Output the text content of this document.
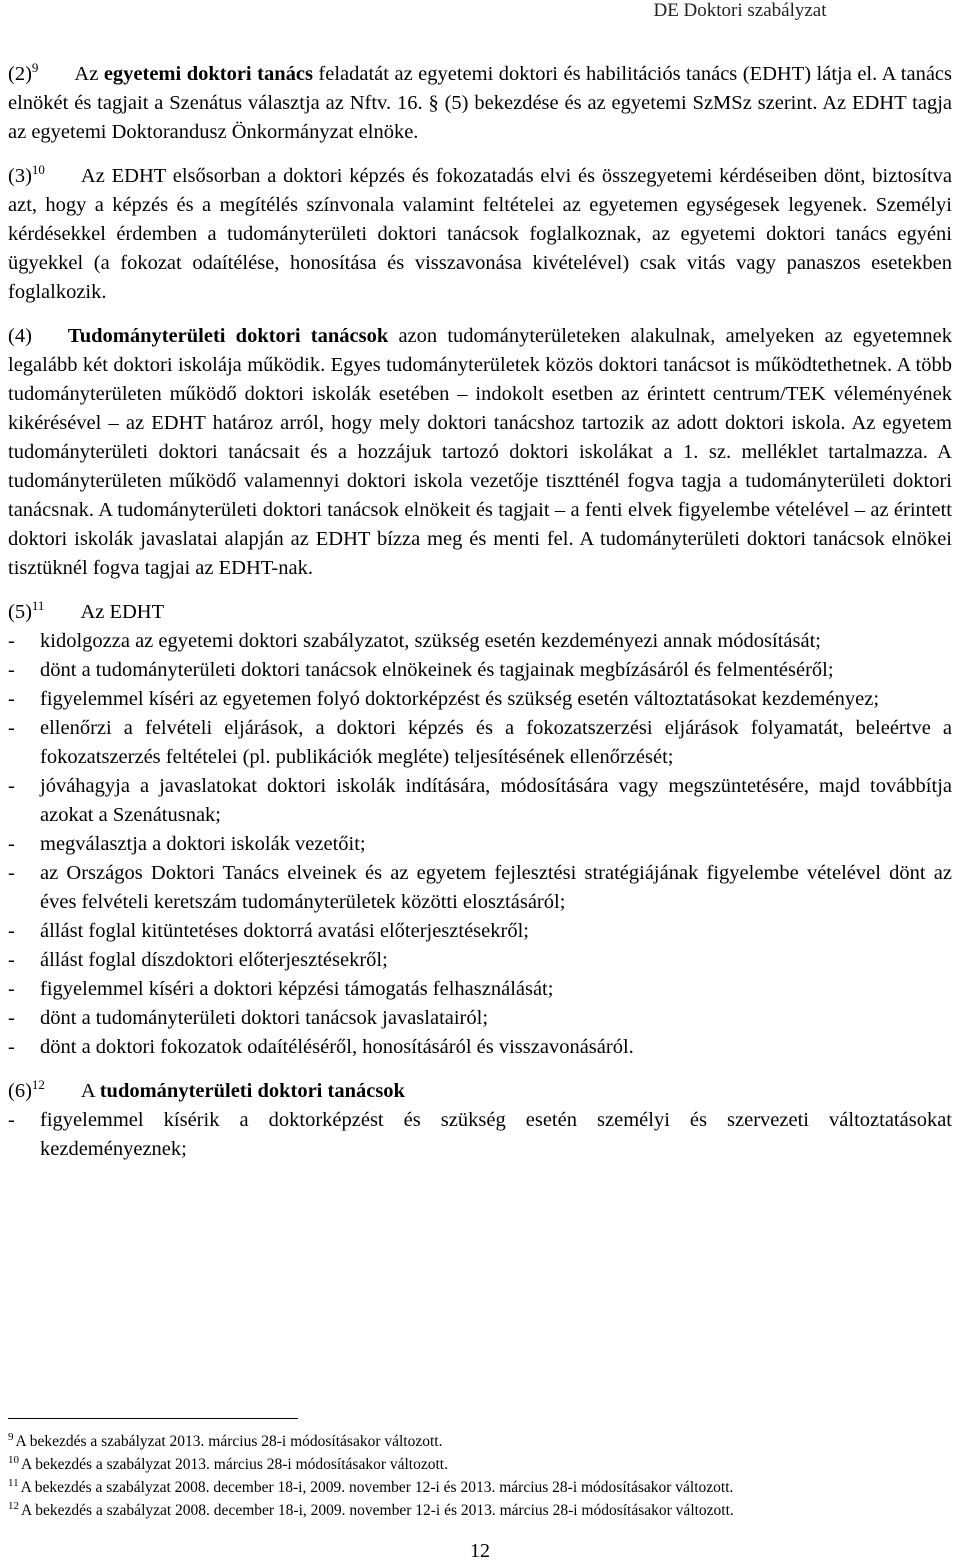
DE Doktori szabályzat

$(2)^9$ Az egyetemi doktori tanács feladatát az egyetemi doktori és habilitációs tanács (EDHT) látja el. A tanács elnökét és tagjait a Szenátus választja az Nftv. 16. § (5) bekezdése és az egyetemi SzMSz szerint. Az EDHT tagja az egyetemi Doktorandusz Önkormányzat elnöke.

$(3)^{10}$ Az EDHT elsősorban a doktori képzés és fokozatadás elvi és összegyetemi kérdéseiben dönt, biztosítva azt, hogy a képzés és a megítélés színvonala valamint feltételei az egyetemen egységesek legyenek. Személyi kérdésekkel érdemben a tudományterületi doktori tanácsok foglalkoznak, az egyetemi doktori tanács egyéni ügyekkel (a fokozat odaítélése, honosítása és visszavonása kivételével) csak vitás vagy panaszos esetekben foglalkozik.

(4) Tudományterületi doktori tanácsok azon tudományterületeken alakulnak, amelyeken az egyetemnek legalább két doktori iskolája működik. Egyes tudományterületek közös doktori tanácsot is működtethetnek. A több tudományterületen működő doktori iskolák esetében – indokolt esetben az érintett centrum/TEK véleményének kikérésével – az EDHT határoz arról, hogy mely doktori tanácshoz tartozik az adott doktori iskola. Az egyetem tudományterületi doktori tanácsait és a hozzájuk tartozó doktori iskolákat a 1. sz. melléklet tartalmazza. A tudományterületen működő valamennyi doktori iskola vezetője tisztténél fogva tagja a tudományterületi doktori tanácsnak. A tudományterületi doktori tanácsok elnökeit és tagjait – a fenti elvek figyelembe vételével – az érintett doktori iskolák javaslatai alapján az EDHT bízza meg és menti fel. A tudományterületi doktori tanácsok elnökei tisztüknél fogva tagjai az EDHT-nak.

$(5)^{11}$ Az EDHT

- kidolgozza az egyetemi doktori szabályzatot, szükség esetén kezdeményezi annak módosítását;
- dönt a tudományterületi doktori tanácsok elnökeinek és tagjainak megbízásáról és felmentéséről;
- figyelemmel kíséri az egyetemen folyó doktorképzést és szükség esetén változtatásokat kezdeményez;
- ellenőrzi a felvételi eljárások, a doktori képzés és a fokozatszerzési eljárások folyamatát, beleértve a fokozatszerzés feltételei (pl. publikációk megléte) teljesítésének ellenőrzését;
- jóváhagyja a javaslatokat doktori iskolák indítására, módosítására vagy megszüntetésére, majd továbbítja azokat a Szenátusnak;
- megválasztja a doktori iskolák vezetőit;
- az Országos Doktori Tanács elveinek és az egyetem fejlesztési stratégiájának figyelembe vételével dönt az éves felvételi keretszám tudományterületek közötti elosztásáról;
- állást foglal kitüntetéses doktorrá avatási előterjesztésekről;
- állást foglal díszdoktori előterjesztésekről;
- figyelemmel kíséri a doktori képzési támogatás felhasználását;
- dönt a tudományterületi doktori tanácsok javaslatairól;
- dönt a doktori fokozatok odaítéléséről, honosításáról és visszavonásáról.

$(6)^{12}$ A tudományterületi doktori tanácsok

- figyelemmel kísérik a doktorképzést és szükség esetén személyi és szervezeti változtatásokat kezdeményeznek;
$^9$ A bekezdés a szabályzat 2013. március 28-i módosításakor változott.
$^{10}$ A bekezdés a szabályzat 2013. március 28-i módosításakor változott.
$^{11}$ A bekezdés a szabályzat 2008. december 18-i, 2009. november 12-i és 2013. március 28-i módosításakor változott.
$^{12}$ A bekezdés a szabályzat 2008. december 18-i, 2009. november 12-i és 2013. március 28-i módosításakor változott.
12
